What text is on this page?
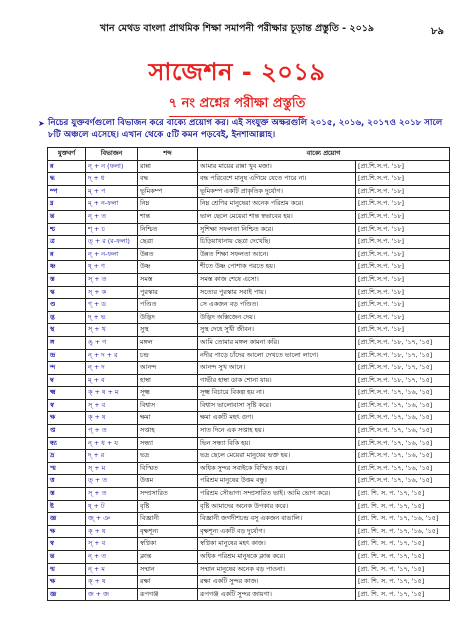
খান মেথড বাংলা প্রাথমিক শিক্ষা সমাপনী পরীক্ষার চূড়ান্ত প্রস্তুতি - ২০১৯	৮৯
সাজেশন - ২০১৯
৭ নং প্রশ্নের পরীক্ষা প্রস্তুতি
➤ নিচের যুক্তবর্ণগুলো বিভাজন করে বাক্যে প্রয়োগ কর। এই সংযুক্ত অক্ষরগুলি ২০১৫, ২০১৬, ২০১৭ও ২০১৮ সালে ৮টি অঞ্চলে এসেছে। এখান থেকে ৫টি কমন পড়বেই, ইনশাআল্লাহ।
যুক্তবর্ণ	বিভাজন	শব্দ	বাক্যে প্রয়োগ	
ন্ন	ন্‌ + ন (ফলা)	রান্না	আমার মায়ের রান্না খুব মজা।	[প্রা.শি.স.প. '১৮]
দ্ধ	দ্‌ + ধ	বদ্ধ	বদ্ধ পরিবেশে মানুষ এগিয়ে যেতে পারে না।	[প্রা.শি.স.প. '১৮]
ম্প	ম্‌ + প	ভূমিকম্প	ভূমিকম্প একটি প্রাকৃতিক দুর্যোগ।	[প্রা.শি.স.প. '১৮]
ম্ন	ম্‌ + ন-ফলা	নিম্ন	নিম্ন শ্রেণির মানুষেরা অনেক পরিশ্রম করে।	[প্রা.শি.স.প. '১৮]
ন্ত	ন্‌ + ত	শান্ত	ভাল ছেলে মেয়েরা শান্ত স্বভাবের হয়।	[প্রা.শি.স.প. '১৮]
শ্চ	শ্‌ + চ	নিশ্চিত	সুশিক্ষা সফলতা নিশ্চিত করে।	[প্রা.শি.স.প. '১৮]
ত্র	ত্‌ + র (র-ফলা)	ছেত্রা	চিড়িয়াখানায় ছেত্রা দেখেছি।	[প্রা.শি.স.প. '১৮]
ন্ন	ন্‌ + ন-ফলা	উন্নত	উন্নত শিক্ষা সফলতা আনে।	[প্রা.শি.স.প. '১৮]
ষ্ণ	ষ্‌ + ণ	উষ্ণ	শীতে উষ্ণ পোশাক পরতে হয়।	[প্রা.শি.স.প. '১৮]
স্ত	স্‌ + ত	সমস্ত	সমস্ত কাজ শেষে এসো।	[প্রা.শি.স.প. '১৮]
স্ক	স্‌ + ক	পুরস্কার	সত্যের পুরস্কার সবাই পায়।	[প্রা.শি.স.প. '১৮]
ণ্ড	ণ্‌ + ড	পণ্ডিত	সে একজন বড় পণ্ডিত।	[প্রা.শি.স.প. '১৮]
দ্ভ	দ্‌ + ভ	উদ্ভিদ	উদ্ভিদ অক্সিজেন দেয়।	[প্রা.শি.স.প. '১৮]
স্থ	স্‌ + থ	সুস্থ	সুস্থ দেহে সুখী জীবন।	[প্রা.শি.স.প. '১৮]
ঙ্গ	ঙ্‌ + গ	মঙ্গল	আমি তোমার মঙ্গল কামনা করি।	[প্রা.শি.স.প. '১৮, '১৭, '১৫]
ন্দ্র	ন্‌ + দ + র	চন্দ্র	নদীর পাড়ে চাঁদের আলো দেখতে ভালো লাগে।	[প্রা.শি.স.প. '১৮, '১৭, '১৫]
ন্দ	ন্‌ + দ	আনন্দ	আনন্দ সুখ আনে।	[প্রা.শি.স.প. '১৮, '১৭, '১৫]
ম্ব	ম্‌ + ব	হাম্বা	গাভীর হাম্বা ডাক শোনা যায়।	[প্রা.শি.স.প. '১৮, '১৭, '১৫]
ক্ষ্ম	ক্‌ + ষ + ম	সূক্ষ্ম	সূক্ষ্ম বিচারে বিকল্প হয় না।	[প্রা.শি.স.প. '১৭, '১৬, '১৫]
স্ব	স্‌ + ব	বিশ্বাস	বিশ্বাস ভালোবাসা সৃষ্টি করে।	[প্রা.শি.স.প. '১৭, '১৬, '১৫]
ক্ষ	ক্‌ + ষ	ক্ষমা	ক্ষমা একটি মহৎ গুণ।	[প্রা.শি.স.প. '১৭, '১৬, '১৫]
প্ত	প্‌ + ত	সপ্তাহ	সাত দিনে এক সপ্তাহ হয়।	[প্রা.শি.স.প. '১৭, '১৬, '১৫]
ন্ধ্য	ন্‌ + ধ + য	সন্ধ্যা	ভিন সন্ধ্যা বিকি হয়।	[প্রা.শি.স.প. '১৭, '১৬, '১৫]
দ্র	দ্‌ + র	ভদ্র	ভদ্র ছেলে মেয়েরা মানুষের ভক্ত হয়।	[প্রা.শি.স.প. '১৭, '১৬, '১৫]
স্ম	স্‌ + ম	বিস্মিত	অধিক সুন্দর সবাইকে বিস্মিত করে।	[প্রা.শি.স.প. '১৭, '১৬, '১৫]
ত্ত	ত্‌ + ত	উত্তম	পরিশ্রম মানুষের উত্তম বন্ধু।	[প্রা.শি.স.প. '১৭, '১৬, '১৫]
স্ত	স্‌ + ত	সম্প্রসারিত	পরিশ্রম সৌভাগ্য সম্প্রসারিত ভাই। আমি ভোগ করে।	[প্রা. শি. স. প. '১৭, '১৫]
ষ্ট	ষ্‌ + ট	বৃষ্টি	বৃষ্টি আমাদের অনেক উপকার করে।	[প্রা. শি. স. প. '১৭, '১৫]
জ্ঞ	জ্‌ + ঞ	বিজ্ঞানী	বিজ্ঞানী জগদীশচন্দ্র বসু একজন বাঙালি।	[প্রা. শি. স. প. '১৭, '১৬, '১৫]
ক্ষ	ক্‌ + ষ	বৃক্ষশূন্য	বৃক্ষশূন্য একটি বড় দুর্যোগ।	[প্রা. শি. স. প. '১৭, '১৬, '১৫]
স্ব	স্‌ + ব	স্বপ্নিকা	স্বপ্নিকা মানুষের মহৎ কাজ।	[প্রা. শি. স. প. '১৭, '১৫]
ন্ত	ন্‌ + ত	ক্লান্ত	অধিক পরিশ্রম মানুষকে ক্লান্ত করে।	[প্রা. শি. স. প. '১৭, '১৫]
ন্ম	ন্‌ + ম	সম্মান	সম্মান মানুষের অনেক বড় পাওনা।	[প্রা. শি. স. প. '১৭, '১৫]
ক্ষ	ক্‌ + ষ	রক্ষা	রক্ষা একটি সুন্দর কাজ।	[প্রা. শি. স. প. '১৭, '১৫]
জ্ঞ	জ + জ	রূপগঞ্জ	রূপগঞ্জ একটি সুন্দর জায়গা।	[প্রা. শি. স. প. '১৭, '১৫]
